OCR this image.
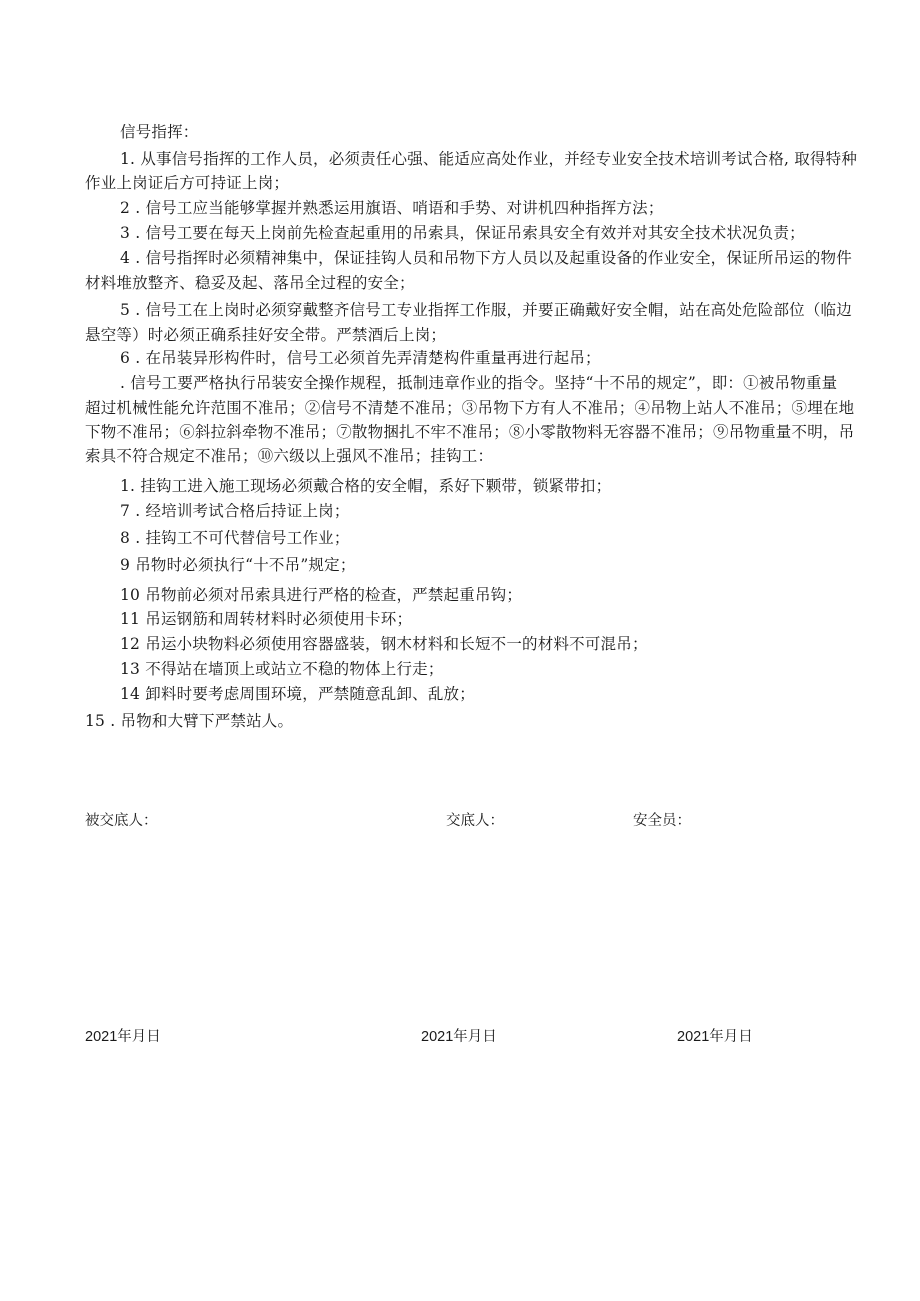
信号指挥：
1. 从事信号指挥的工作人员，必须责任心强、能适应高处作业，并经专业安全技术培训考试合格, 取得特种
作业上岗证后方可持证上岗；
2 . 信号工应当能够掌握并熟悉运用旗语、哨语和手势、对讲机四种指挥方法；
3 . 信号工要在每天上岗前先检查起重用的吊索具，保证吊索具安全有效并对其安全技术状况负责；
4 . 信号指挥时必须精神集中，保证挂钩人员和吊物下方人员以及起重设备的作业安全，保证所吊运的物件
材料堆放整齐、稳妥及起、落吊全过程的安全；
5 . 信号工在上岗时必须穿戴整齐信号工专业指挥工作服，并要正确戴好安全帽，站在高处危险部位（临边
悬空等）时必须正确系挂好安全带。严禁酒后上岗；
6 . 在吊装异形构件时，信号工必须首先弄清楚构件重量再进行起吊；
. 信号工要严格执行吊装安全操作规程，抵制违章作业的指令。坚持“十不吊的规定”，即：①被吊物重量
超过机械性能允许范围不准吊；②信号不清楚不准吊；③吊物下方有人不准吊；④吊物上站人不准吊；⑤埋在地
下物不准吊；⑥斜拉斜牵物不准吊；⑦散物捆扎不牢不准吊；⑧小零散物料无容器不准吊；⑨吊物重量不明，吊
索具不符合规定不准吊；⑩六级以上强风不准吊；挂钩工：
1. 挂钩工进入施工现场必须戴合格的安全帽，系好下颗带，锁紧带扣；
7 . 经培训考试合格后持证上岗；
8 . 挂钩工不可代替信号工作业；
9 吊物时必须执行“十不吊”规定；
10 吊物前必须对吊索具进行严格的检查，严禁起重吊钩；
11 吊运钢筋和周转材料时必须使用卡环；
12 吊运小块物料必须使用容器盛装，钢木材料和长短不一的材料不可混吊；
13 不得站在墙顶上或站立不稳的物体上行走；
14 卸料时要考虑周围环境，严禁随意乱卸、乱放；
15 . 吊物和大臂下严禁站人。
被交底人：	交底人：	安全员：
2021年月日	2021年月日	2021年月日
